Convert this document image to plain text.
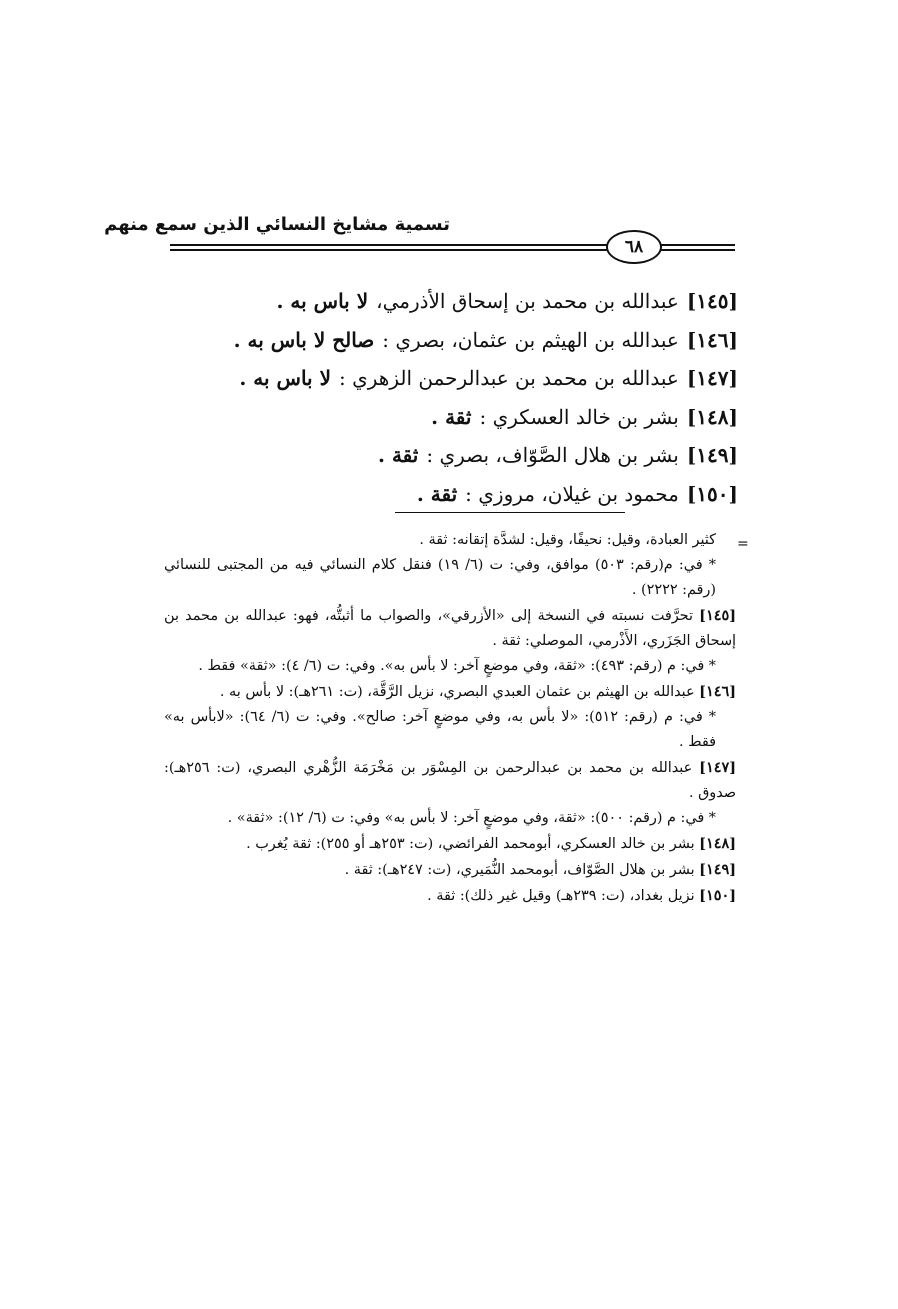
تسمية مشايخ النسائي الذين سمع منهم
٦٨
[١٤٥]
عبدالله بن محمد بن إسحاق الأذرمي،
لا باس به .
[١٤٦]
عبدالله بن الهيثم بن عثمان، بصري :
صالح لا باس به .
[١٤٧]
عبدالله بن محمد بن عبدالرحمن الزهري :
لا باس به .
[١٤٨]
بشر بن خالد العسكري :
ثقة .
[١٤٩]
بشر بن هلال الصَّوّاف، بصري :
ثقة .
[١٥٠]
محمود بن غيلان، مروزي :
ثقة .
=

كثير العبادة، وقيل: نحيفًا، وقيل: لشدَّة إتقانه: ثقة .

* في: م(رقم: ٥٠٣) موافق، وفي: ت (٦/ ١٩) فنقل كلام النسائي فيه من المجتبى للنسائي (رقم: ٢٢٢٢) .

[١٤٥] تحرَّفت نسبته في النسخة إلى «الأزرقي»، والصواب ما أثبتُّه، فهو: عبدالله بن محمد بن إسحاق الجَزَري، الأَذْرمي، الموصلي: ثقة .

* في: م (رقم: ٤٩٣): «ثقة، وفي موضعٍ آخر: لا بأس به». وفي: ت (٦/ ٤): «ثقة» فقط .

[١٤٦] عبدالله بن الهيثم بن عثمان العبدي البصري، نزيل الرَّقَّة، (ت: ٢٦١هـ): لا بأس به .

* في: م (رقم: ٥١٢): «لا بأس به، وفي موضعٍ آخر: صالح». وفي: ت (٦/ ٦٤): «لابأس به» فقط .

[١٤٧] عبدالله بن محمد بن عبدالرحمن بن المِسْوَر بن مَخْرَمَة الزُّهْري البصري، (ت: ٢٥٦هـ): صدوق .

* في: م (رقم: ٥٠٠): «ثقة، وفي موضعٍ آخر: لا بأس به» وفي: ت (٦/ ١٢): «ثقة» .

[١٤٨] بشر بن خالد العسكري، أبومحمد الفرائضي، (ت: ٢٥٣هـ أو ٢٥٥): ثقة يُغرب .

[١٤٩] بشر بن هلال الصَّوّاف، أبومحمد النُّمَيري، (ت: ٢٤٧هـ): ثقة .

[١٥٠] نزيل بغداد، (ت: ٢٣٩هـ) وقيل غير ذلك): ثقة .
